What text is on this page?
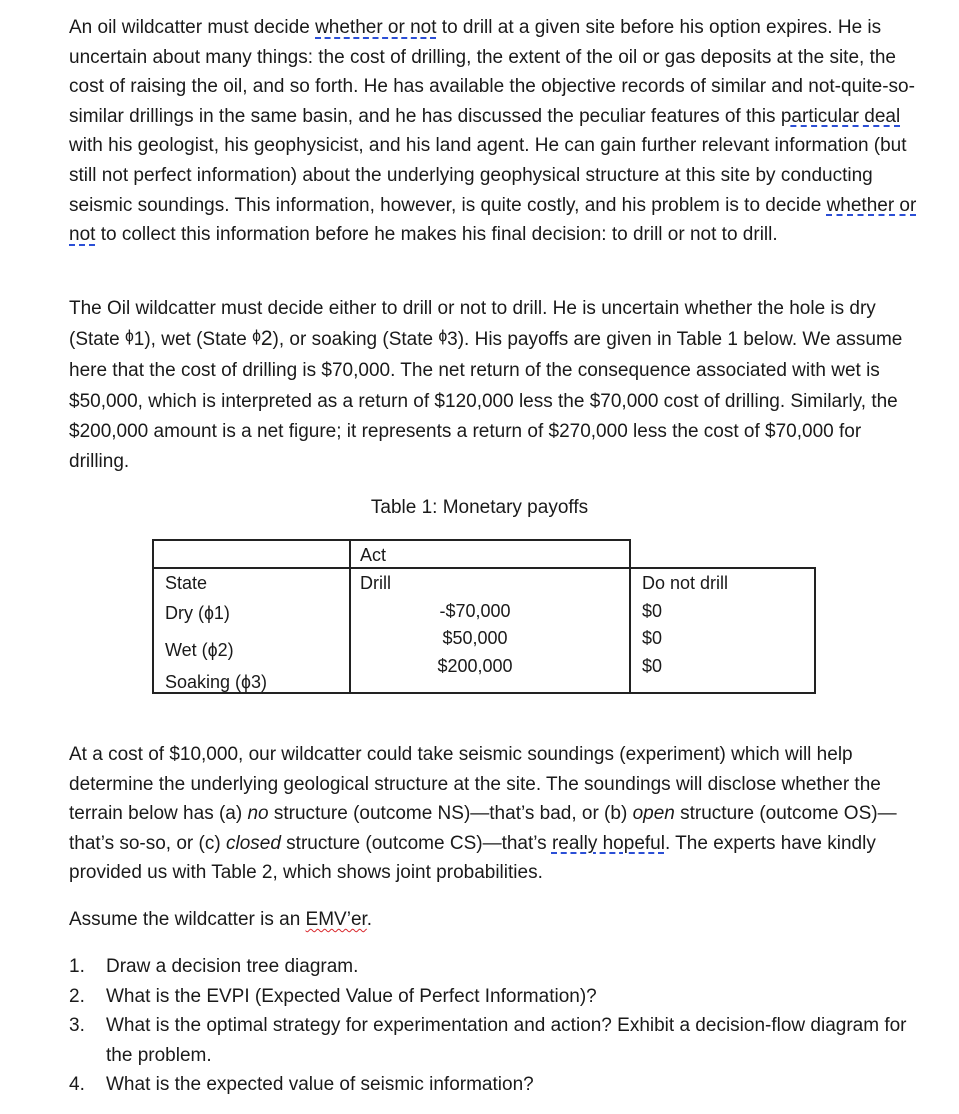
An oil wildcatter must decide whether or not to drill at a given site before his option expires. He is uncertain about many things: the cost of drilling, the extent of the oil or gas deposits at the site, the cost of raising the oil, and so forth. He has available the objective records of similar and not-quite-so-similar drillings in the same basin, and he has discussed the peculiar features of this particular deal with his geologist, his geophysicist, and his land agent. He can gain further relevant information (but still not perfect information) about the underlying geophysical structure at this site by conducting seismic soundings. This information, however, is quite costly, and his problem is to decide whether or not to collect this information before he makes his final decision: to drill or not to drill.

The Oil wildcatter must decide either to drill or not to drill. He is uncertain whether the hole is dry (State $^ɸ$1), wet (State $^ɸ$2), or soaking (State $^ɸ$3). His payoffs are given in Table 1 below. We assume here that the cost of drilling is $70,000. The net return of the consequence associated with wet is $50,000, which is interpreted as a return of $120,000 less the $70,000 cost of drilling. Similarly, the $200,000 amount is a net figure; it represents a return of $270,000 less the cost of $70,000 for drilling.

Table 1: Monetary payoffs

Act
State	Drill	Do not drill
Dry (ɸ1)
Wet (ɸ2)
Soaking (ɸ3)
-$70,000
$50,000
$200,000
$0
$0
$0

At a cost of $10,000, our wildcatter could take seismic soundings (experiment) which will help determine the underlying geological structure at the site. The soundings will disclose whether the terrain below has (a) no structure (outcome NS)—that’s bad, or (b) open structure (outcome OS)—that’s so-so, or (c) closed structure (outcome CS)—that’s really hopeful. The experts have kindly provided us with Table 2, which shows joint probabilities.

Assume the wildcatter is an EMV’er.

1. Draw a decision tree diagram.
2. What is the EVPI (Expected Value of Perfect Information)?
3. What is the optimal strategy for experimentation and action? Exhibit a decision-flow diagram for the problem.
4. What is the expected value of seismic information?
